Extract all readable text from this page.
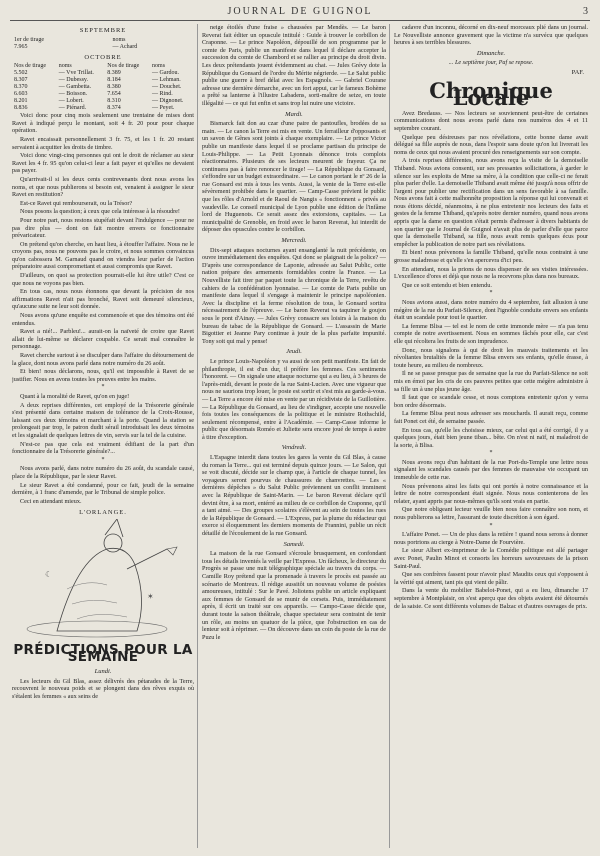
JOURNAL DE GUIGNOL	3
SEPTEMBRE
1er de tirage	noms
7.965	— Achard
OCTOBRE
Nos de tirage	noms	Nos de tirage	noms
5.502	— Vve Trillat.	8.389	— Gardou.
8.307	— Dubessy.	8.184	— Lehman.
8.370	— Gambetta.	8.380	— Douchet.
6.603	— Boisson.	7.654	— Rind.
8.201	— Lobert.	8.310	— Dignonet.
8.836	— Piénard.	8.374	— Peyet.

Voici donc pour cinq mois seulement une trentaine de mises dont Ravet à indiqué perçu le montant, soit 4 fr. 20 pour pour chaque opération.

Ravet encaissait personnellement 3 fr. 75, et les 1 fr. 20 restant servaient à acquitter les droits de timbre.

Voici donc vingt-cinq personnes qui ont le droit de réclamer au sieur Ravet les 4 fr. 95 qu'on celui-ci leur a fait payer et qu'elles ne devaient pas payer.

Qu'arrivait-il si les deux cents contrevenants dont nous avons les noms, et que nous publierons si besoin est, venaient à assigner le sieur Ravet en restitution?

Est-ce Ravet qui rembourserait, ou la Trésor?

Nous posons la question; à ceux que cela intéresse à la résoudre!

Pour notre part, nous restons stupéfait devant l'indulgence — pour ne pas dire plus — dont on fait montre envers ce fonctionnaire prévaricateur.

On prétend qu'on cherche, en haut lieu, à étouffer l'affaire. Nous ne le croyons pas, nous ne pouvons pas le croire, et nous sommes convaincus qu'on cabossera M. Garnaud quand on viendra leur parler de l'action préparatoire aussi compromettant et aussi compromis que Ravet.

D'ailleurs, on quoi sa protection pourrait-elle lui être utile? C'est ce que nous ne voyons pas bien.

En tous cas, nous nous étonnons que devant la précision de nos affirmations Ravet n'ait pas bronché, Ravet soit demeuré silencieux, qu'aucune suite ne leur soit donnée.

Nous avons qu'une enquête est commencée et que des témoins ont été entendus.

Ravet a nié!... Parbleu!... aurait-on la naïveté de croire que Ravet allait de lui-même se déclarer coupable. Ce serait mal connaître le personnage.

Ravet cherche surtout à se disculper dans l'affaire du détournement de la glace, dont nous avons parlé dans notre numéro du 26 août.

Et bien! nous déclarons, nous, qu'il est impossible à Ravet de se justifier. Nous en avons toutes les preuves entre les mains.

*

Quant à la moralité de Ravet, qu'on en juge!

A deux reprises différentes, cet employé de la Trésorerie générale s'est présenté dans certaine maison de tolérance de la Croix-Rousse, laissant ces deux témoins et marchant à la porte. Quand la station se prolongeait par trop, le patron dudit sérail introduisait les deux témoins et les signalait de quelques lettres de vin, servis sur la tel de la cuisine.

N'est-ce pas que cela est vraiment édifiant de la part d'un fonctionnaire de la Trésorerie générale?...

*

Nous avons parlé, dans notre numéro du 26 août, du scandale causé, place de la République, par le sieur Ravet.

Le sieur Ravet a été condamné, pour ce fait, jeudi de la semaine dernière, à 1 franc d'amende, par le Tribunal de simple police.

Ceci en attendant mieux.

L'ORLANGE.
☾
✶
PRÉDICTIONS POUR LA SEMAINE
Lundi.

Les lecteurs du Gil Blas, assez délivrés des pétarades de la Terre, recouvrent le nouveau poids et se plongent dans des rêves exquis où s'étalent les femmes « aux seins de

neige étoilés d'une fraise » chaussées par Mendès. — Le baron Reverat fait éditer un opuscule intitulé : Guide à trouver le corbillon de Craponne. — Le prince Napoléon, dépouillé de son programme par le comte de Paris, publie un manifeste dans lequel il déclare accepter la succession du comte de Chambord et se rallier au principe du droit divin. Les deux prétendants jouent évidemment au chat. — Jules Grévy dote la République du Gonsard de l'ordre du Mérite négrierde. — Le Salut public publie une guerre à bref délai avec les Espagnols. — Gabriel Courane adresse une dernière démarche, avec un fort appui, car le fameux Bohème a prêté sa lanterne à l'illustre Labadens, sorti-maître de seize, en toute illégalité — ce qui fut enfin et sans trop lui nuire une victoire.

Mardi.

Bismarck fait don au czar d'une paire de pantoufles, brodées de sa main. — Le canon la Terre est mis en vente. Un ferrailleur d'opposants et un savon de Gênes sont joints à chaque exemplaire. — Le prince Victor publie un manifeste dans lequel il se proclame partisan du principe de Louis-Philippe. — La Petit Lyonnais dénonce trois complots réactionnaires. Plusieurs de ses lecteurs meurent de frayeur. Ça ne continuera pas à faire renoncer le tirage! — La République du Gonsard, s'effondre sur un budget extraordinaire. — Le canon portant le nº 26 de la rue Gonsard est mis à tous les vents. Aussi, la vente de la Terre est-elle sévèrement prohibée dans le quartier. — Camp-Casse prévient le public que les rôles d'Arnold et de Raoul de Nangis « fonctionnent » privés au vaudeville. Le conseil municipal de Lyon publie une édition de l'infâme lord de Huguenots. Ce serait assez des extorsions, capitales. — La municipalité de Grenoble, en froid avec le baron Reverat, lui interdit de déposer des opuscules contre le corbillon.

Mercredi.

Dix-sept attaques nocturnes ayant ensanglanté la nuit précédente, on ouvre immédiatement des enquêtes. Qui donc se plaignait de la police? — D'après une correspondance de Laponie, adressée au Salut Public, cette nation prépare des armements formidables contre la France. — La Nouvelliste fait tirer par paquet toute la chronique de la Terre, revêtu de cahiers de la confédération lyonnaise. — Le comte de Paris publie un manifeste dans lequel il s'engage à maintenir le principe napoléonien. Avec la discipline et la ferme résolution de tous, le Gonsard sortira nécessairement de l'épreuve. — Le baron Reverat va taquiner le goujon sous le pont d'Ainay. — Jules Grévy consacre ses loisirs à la maison du bureau de tabac de la République de Gonsard. — L'assassin de Marie Bigottier et Jeanne Pary continue à jouir de la plus parfaite impunité. Tony soit qui mal y pense!

Jeudi.

Le prince Louis-Napoléon y va aussi de son petit manifeste. En fait de philanthropie, il est d'un dur, il préfère les femmes. Ces sentiments l'honorent. — On signale une attaque nocturne qui a eu lieu, à 3 heures de l'après-midi, devant le poste de la rue Saint-Lucien. Avec une vigueur que nous ne saurions trop louer, le poste est sortir et s'est mis au garde-à-vous. — La Terre a encore été mise en vente par un récidiviste de la Guillotière. — La République du Gonsard, au lieu de s'indigner, accepte une nouvelle fois toutes les conséquences de la politique et le ministre Rothschild, seulement récompensé, entre à l'Académie. — Camp-Casse informe le public que désormais Roméo et Juliette sera encore joué de temps à autre à titre d'exception.

Vendredi.

L'Espagne interdit dans toutes les gares la vente du Gil Blas, à cause du roman la Terre... qui est terminé depuis quinze jours. — Le Salon, qui se voit discuté, décide sur le champ que, à l'article de chaque tunnel, les voyageurs seront pourvus de chaussures de chanvrettes. — Les « dernières dépêches » du Salut Public préviennent un conflit imminent avec la République de Saint-Marin. — Le baron Reverat déclare qu'il devint être, à sa mort, entérré au milieu de ce corbillon de Craponne, qu'il a tant aimé. — Des groupes scolaires s'élèvent au sein de toutes les rues de la République de Gonsard. — L'Express, par la plume du rédacteur qui exerce si éloquemment les derniers moments de Frannini, publie un récit détaillé de l'écoulement de la rue Gonsard.

Samedi.

La maison de la rue Gonsard s'écroule brusquement, en confondant tous les détails inventés la veille par l'Express. Un fâcheux, le directeur du Progrès se passe une nuit télégraphique spéciale au travers du corps. — Camille Roy prétend que la promenade à travers le procès est passée au scénario de Montreux. Il rédige aussitôt un nouveau volume de poésies amoureuses, intitulé : Sur le Pavé. Joliotens publie un article expliquant aux femmes de Gonsard de se munir de corsets. Puis, immédiatement après, il écrit un traité sur ces appareils. — Campo-Casse décide que, durant toute la saison théâtrale, chaque spectateur sera contraint de tenir un rôle, au moins un quatuor de la pièce, que l'obstruction en cas de lenteur soit à réprimer. — On découvre dans un coin du poste de la rue de Puzu le

cadavre d'un inconnu, décorné en dix-neuf morceaux plié dans un journal. Le Nouvelliste annonce gravement que la victime n'a survécu que quelques heures à ses terribles blessures.

Dimanche.

... Le septième jour, Paf se repose.

PAF.
Chronique Locale

Avez Bredauss. — Nos lecteurs se souviennent peut-être de certaines communications dont nous avons parlé dans nos numéros des 4 et 11 septembre courant.

Quelque peu désireuses par nos révélations, cette bonne dame avait délégué sa fille auprès de nous, dans l'espoir sans doute qu'on lui livrerait les noms de ceux qui nous avaient procuré des renseignements sur son compte.

A trois reprises différentes, nous avons reçu la visite de la demoiselle Thiband. Nous avions consenti, sur ses pressantes sollicitations, à garder le silence sur les exploits de Mme sa mère, à la condition que celle-ci ne ferait plus parler d'elle. La demoiselle Thiband avait même été jusqu'à nous offrir de l'argent pour publier une rectification dans un sens favorable à sa famille. Nous avons fait à cette malhonnête proposition la réponse qui lui convenait et nous étions décidé, néanmoins, à ne plus entretenir nos lecteurs des faits et gestes de la femme Thiband, qu'après notre dernier numéro, quand nous avons appris que la dame en question s'était permis d'adresser à divers habitants de son quartier que le Journal de Guignol n'avait plus de parler d'elle que parce que la demoiselle Thiband, sa fille, nous avait remis quelques écus pour empêcher la publication de notre part ses révélations.

Et bien! nous prévenons la famille Thiband, qu'elle nous contraint à une grosse maladresse et qu'elle s'en apercevra d'ici peu.

En attendant, nous la prions de nous dispenser de ses visites intéressées. L'excellence d'ores et déjà que nous ne la recevrons plus dans nos bureaux.

Que ce soit entendu et bien entendu.

*

Nous avions aussi, dans notre numéro du 4 septembre, fait allusion à une mégère de la rue du Parfait-Silence, dont l'ignoble conduite envers ses enfants était un scandale pour tout le quartier.

La femme Blisa — tel est le nom de cette immonde mère — n'a pas tenu compte de notre avertissement. Nous en sommes fâchés pour elle, car c'est elle qui récoltera les fruits de son imprudence.

Donc, nous signalons à qui de droit les mauvais traitements et les révoltantes brutalités de la femme Blisa envers ses enfants, qu'elle érasse, à toute heure, au milieu de nombreux.

Il ne se passe presque pas de semaine que la rue du Parfait-Silence ne soit mis en émoi par les cris de ces pauvres petites que cette mégère administre à sa fille un à une plus jeune âge.

Il faut que ce scandale cesse, et nous comptons entretenir qu'on y verra bon ordre désormais.

La femme Blisa peut nous adresser ses mouchards. Il aurait reçu, comme fait Ponet cet été, de semaine passée.

En tous cas, qu'elle les choisisse mieux, car celui qui a été corrigé, il y a quelques jours, était bien jeune tiban... bête. On n'est ni naïf, ni maladroit de la sorte, à Blisa.

*

Nous avons reçu d'un habitant de la rue Port-du-Temple une lettre nous signalant les scandales causés par des femmes de mauvaise vie occupant un immeuble de cette rue.

Nous prévenons ainsi les faits qui ont portés à notre connaissance et la lettre de notre correspondant était signée. Nous nous contenterons de les relater, ayant appris par nous-mêmes qu'ils sont vrais en partie.

Que notre obligeant lecteur veuille bien nous faire connaître son nom, et nous publierons sa lettre, l'assurant de toute discrétion à son égard.

*

L'affaire Ponet. — Un de plus dans la retière ! quand nous serons à donner nous portrions au cierge à Notre-Dame de Fourvière.

Le sieur Albert ex-imprimeur de la Comédie politique est allé partager avec Ponet, Paulin Minot et consorts les horreurs savoureuses de la prison Saint-Paul.

Que ses confrères fassent pour n'avoir plus! Maudits ceux qui s'opposent à la vérité qui aiment, tant pis qui vient de pâlir.

Dans la vente du mobilier Babelot-Ponet, qui a eu lieu, dimanche 17 septembre à Montplaisir, on s'est aperçu que des objets avaient été détournés de la saisie. Ce sont différents volumes de Balzac et d'autres ouvrages de prix.
